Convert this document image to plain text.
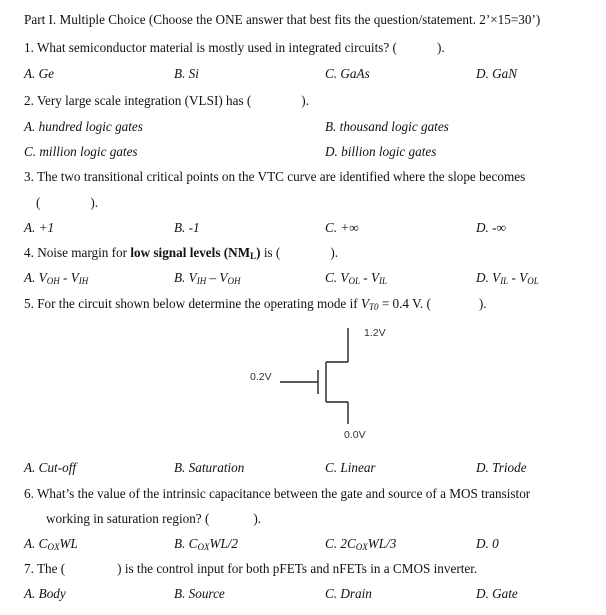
Part I. Multiple Choice (Choose the ONE answer that best fits the question/statement. 2’×15=30’)
1. What semiconductor material is mostly used in integrated circuits? (	).
A. Ge	B. Si	C. GaAs	D. GaN
2. Very large scale integration (VLSI) has (	).
A. hundred logic gates	B. thousand logic gates
C. million logic gates	D. billion logic gates
3. The two transitional critical points on the VTC curve are identified where the slope becomes
(	).
A. +1	B. -1	C. +∞	D. -∞
4. Noise margin for low signal levels (NML) is (	).
A. $V_{OH} - V_{IH}$	B. $V_{IH} - V_{OH}$	C. $V_{OL} - V_{IL}$	D. $V_{IL} - V_{OL}$
5. For the circuit shown below determine the operating mode if VT0 = 0.4 V. (	).
1.2V
0.2V
0.0V
A. Cut-off	B. Saturation	C. Linear	D. Triode
6. What’s the value of the intrinsic capacitance between the gate and source of a MOS transistor
working in saturation region? (	).
A. $C_{OX}WL$	B. $C_{OX}WL/2$	C. $2C_{OX}WL/3$	D. 0
7. The (	) is the control input for both pFETs and nFETs in a CMOS inverter.
A. Body	B. Source	C. Drain	D. Gate
